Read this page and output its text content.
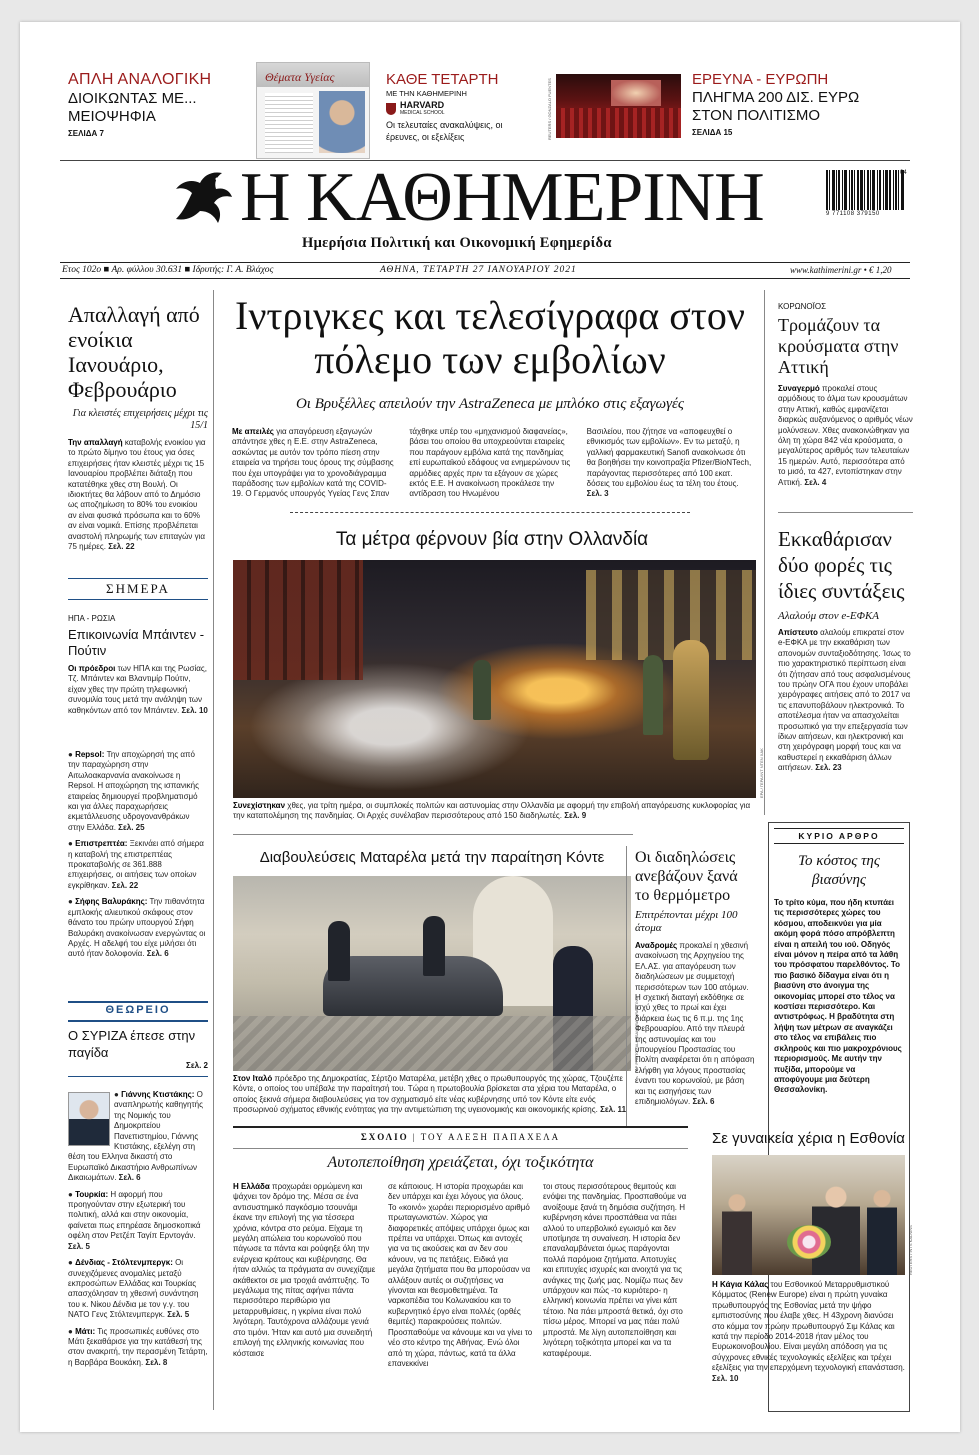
ΑΠΛΗ ΑΝΑΛΟΓΙΚΗ
ΔΙΟΙΚΩΝΤΑΣ ΜΕ... ΜΕΙΟΨΗΦΙΑ
ΣΕΛΙΔΑ 7
Θέματα Υγείας	ΚΑΘΕ ΤΕΤΑΡΤΗ
ΜΕ ΤΗΝ ΚΑΘΗΜΕΡΙΝΗ
HARVARD
MEDICAL SCHOOL
Οι τελευταίες ανακαλύψεις, οι έρευνες, οι εξελίξεις	REUTERS / GONZALO FUENTES	ΕΡΕΥΝΑ - ΕΥΡΩΠΗ
ΠΛΗΓΜΑ 200 ΔΙΣ. ΕΥΡΩ ΣΤΟΝ ΠΟΛΙΤΙΣΜΟ
ΣΕΛΙΔΑ 15
Η ΚΑΘΗΜΕΡΙΝΗ
Ημερήσια Πολιτική και Οικονομική Εφημερίδα
9 771108 379150
04
Ετος 102ο ■ Αρ. φύλλου 30.631 ■ Ιδρυτής: Γ. Α. Βλάχος	ΑΘΗΝΑ, ΤΕΤΑΡΤΗ 27 ΙΑΝΟΥΑΡΙΟΥ 2021	www.kathimerini.gr • € 1,20
Απαλλαγή από ενοίκια Ιανουάριο, Φεβρουάριο
Για κλειστές επιχειρήσεις μέχρι τις 15/1
Την απαλλαγή καταβολής ενοικίου για το πρώτο δίμηνο του έτους για όσες επιχειρήσεις ήταν κλειστές μέχρι τις 15 Ιανουαρίου προβλέπει διάταξη που κατατέθηκε χθες στη Βουλή. Οι ιδιοκτήτες θα λάβουν από το Δημόσιο ως αποζημίωση το 80% του ενοικίου αν είναι φυσικά πρόσωπα και το 60% αν είναι νομικά. Επίσης προβλέπεται αναστολή πληρωμής των επιταγών για 75 ημέρες. Σελ. 22
ΣΗΜΕΡΑ
ΗΠΑ - ΡΩΣΙΑ
Επικοινωνία Μπάιντεν - Πούτιν
Οι πρόεδροι των ΗΠΑ και της Ρωσίας, Τζ. Μπάιντεν και Βλαντιμίρ Πούτιν, είχαν χθες την πρώτη τηλεφωνική συνομιλία τους μετά την ανάληψη των καθηκόντων από τον Μπάιντεν. Σελ. 10
● Repsol: Την αποχώρησή της από την παραχώρηση στην Αιτωλοακαρνανία ανακοίνωσε η Repsol. Η αποχώρηση της ισπανικής εταιρείας δημιουργεί προβληματισμό και για άλλες παραχωρήσεις εκμετάλλευσης υδρογονανθράκων στην Ελλάδα. Σελ. 25
● Επιστρεπτέα: Ξεκινάει από σήμερα η καταβολή της επιστρεπτέας προκαταβολής σε 361.888 επιχειρήσεις, οι αιτήσεις των οποίων εγκρίθηκαν. Σελ. 22
● Σήφης Βαλυράκης: Την πιθανότητα εμπλοκής αλιευτικού σκάφους στον θάνατο του πρώην υπουργού Σήφη Βαλυράκη ανακοίνωσαν ενεργώντας οι Αρχές. Η αδελφή του είχε μιλήσει ότι αυτό ήταν δολοφονία. Σελ. 6
ΘΕΩΡΕΙΟ
Ο ΣΥΡΙΖΑ έπεσε στην παγίδα
Σελ. 2
● Γιάννης Κτιστάκης: Ο αναπληρωτής καθηγητής της Νομικής του Δημοκριτείου Πανεπιστημίου, Γιάννης Κτιστάκης, εξελέγη στη θέση του Ελληνα δικαστή στο Ευρωπαϊκό Δικαστήριο Ανθρωπίνων Δικαιωμάτων. Σελ. 6
● Τουρκία: Η αφορμή που προηγούνταν στην εξωτερική του πολιτική, αλλά και στην οικονομία, φαίνεται πως επηρέασε δημοσκοπικά οφέλη στον Ρετζέπ Ταγίπ Ερντογάν. Σελ. 5
● Δένδιας - Στόλτενμπεργκ: Οι συνεχιζόμενες ανομαλίες μεταξύ εκπροσώπων Ελλάδας και Τουρκίας απασχόλησαν τη χθεσινή συνάντηση του κ. Νίκου Δένδια με τον γ.γ. του ΝΑΤΟ Γενς Στόλτενμπεργκ. Σελ. 5
● Μάτι: Τις προσωπικές ευθύνες στο Μάτι ξεκαθάρισε για την κατάθεσή της στον ανακριτή, την περασμένη Τετάρτη, η Βαρβάρα Βουκάκη. Σελ. 8
Ιντριγκες και τελεσίγραφα στον πόλεμο των εμβολίων
Οι Βρυξέλλες απειλούν την AstraZeneca με μπλόκο στις εξαγωγές
Με απειλές για απαγόρευση εξαγωγών απάντησε χθες η Ε.Ε. στην AstraZeneca, ασκώντας με αυτόν τον τρόπο πίεση στην εταιρεία να τηρήσει τους όρους της σύμβασης που έχει υπογράψει για το χρονοδιάγραμμα παράδοσης των εμβολίων κατά της COVID-19. Ο Γερμανός υπουργός Υγείας Γενς Σπαν
τάχθηκε υπέρ του «μηχανισμού διαφανείας», βάσει του οποίου θα υποχρεούνται εταιρείες που παράγουν εμβόλια κατά της πανδημίας επί ευρωπαϊκού εδάφους να ενημερώνουν τις αρμόδιες αρχές πριν τα εξάγουν σε χώρες εκτός Ε.Ε. Η ανακοίνωση προκάλεσε την αντίδραση του Ηνωμένου
Βασιλείου, που ζήτησε να «αποφευχθεί ο εθνικισμός των εμβολίων». Εν τω μεταξύ, η γαλλική φαρμακευτική Sanofi ανακοίνωσε ότι θα βοηθήσει την κοινοπραξία Pfizer/BioNTech, παράγοντας περισσότερες από 100 εκατ. δόσεις του εμβολίου έως τα τέλη του έτους. Σελ. 3
Τα μέτρα φέρνουν βία στην Ολλανδία
EPA / ΓΕΡΑΛΝΤ ΝΤΕΝ ΧΑΚ
Συνεχίστηκαν χθες, για τρίτη ημέρα, οι συμπλοκές πολιτών και αστυνομίας στην Ολλανδία με αφορμή την επιβολή απαγόρευσης κυκλοφορίας για την καταπολέμηση της πανδημίας. Οι Αρχές συνέλαβαν περισσότερους από 150 διαδηλωτές. Σελ. 9
Διαβουλεύσεις Ματαρέλα μετά την παραίτηση Κόντε
AP PHOTO / ALESSANDRA TARANTINO
Στον Ιταλό πρόεδρο της Δημοκρατίας, Σέρτζιο Ματαρέλα, μετέβη χθες ο πρωθυπουργός της χώρας, Τζουζέπε Κόντε, ο οποίος του υπέβαλε την παραίτησή του. Τώρα η πρωτοβουλία βρίσκεται στα χέρια του Ματαρέλα, ο οποίος ξεκινά σήμερα διαβουλεύσεις για τον σχηματισμό είτε νέας κυβέρνησης υπό τον Κόντε είτε ενός προσωρινού σχήματος εθνικής ενότητας για την αντιμετώπιση της υγειονομικής και οικονομικής κρίσης. Σελ. 11
Οι διαδηλώσεις ανεβάζουν ξανά το θερμόμετρο
Επιτρέπονται μέχρι 100 άτομα
Αναδρομές προκαλεί η χθεσινή ανακοίνωση της Αρχηγείου της ΕΛ.ΑΣ. για απαγόρευση των διαδηλώσεων με συμμετοχή περισσότερων των 100 ατόμων. Η σχετική διαταγή εκδόθηκε σε ισχύ χθες το πρωί και έχει διάρκεια έως τις 6 π.μ. της 1ης Φεβρουαρίου. Από την πλευρά της αστυνομίας και του υπουργείου Προστασίας του Πολίτη αναφέρεται ότι η απόφαση ελήφθη για λόγους προστασίας έναντι του κορωνοϊού, με βάση και τις εισηγήσεις των επιδημιολόγων. Σελ. 6
ΚΟΡΩΝΟΪΟΣ
Τρομάζουν τα κρούσματα στην Αττική
Συναγερμό προκαλεί στους αρμόδιους το άλμα των κρουσμάτων στην Αττική, καθώς εμφανίζεται διαρκώς αυξανόμενος ο αριθμός νέων μολύνσεων. Χθες ανακοινώθηκαν για όλη τη χώρα 842 νέα κρούσματα, ο μεγαλύτερος αριθμός των τελευταίων 15 ημερών. Αυτό, περισσότερα από το μισό, τα 427, εντοπίστηκαν στην Αττική. Σελ. 4
Εκκαθάρισαν δύο φορές τις ίδιες συντάξεις
Αλαλούμ στον e-ΕΦΚΑ
Απίστευτο αλαλούμ επικρατεί στον e-ΕΦΚΑ με την εκκαθάριση των απονομών συνταξιοδότησης. Ίσως το πιο χαρακτηριστικό περίπτωση είναι ότι ζήτησαν από τους ασφαλισμένους του πρώην ΟΓΑ που έχουν υποβάλει χειρόγραφες αιτήσεις από το 2017 να τις επανυποβάλουν ηλεκτρονικά. Το αποτέλεσμα ήταν να απασχολείται προσωπικό για την επεξεργασία των ίδιων αιτήσεων, και ηλεκτρονική και στη χειρόγραφη μορφή τους και να καθυστερεί η εκκαθάριση άλλων αιτήσεων. Σελ. 23
ΚΥΡΙΟ ΑΡΘΡΟ
Το κόστος της βιασύνης
Το τρίτο κύμα, που ήδη κτυπάει τις περισσότερες χώρες του κόσμου, αποδεικνύει για μία ακόμη φορά πόσο απρόβλεπτη είναι η απειλή του ιού. Οδηγός είναι μόνον η πείρα από τα λάθη του πρόσφατου παρελθόντος. Το πιο βασικό δίδαγμα είναι ότι η βιασύνη στο άνοιγμα της οικονομίας μπορεί στο τέλος να κοστίσει περισσότερο. Και αντιστρόφως. Η βραδύτητα στη λήψη των μέτρων σε αναγκάζει στο τέλος να επιβάλεις πιο σκληρούς και πιο μακροχρόνιους περιορισμούς. Με αυτήν την πυξίδα, μπορούμε να αποφύγουμε μια δεύτερη Θεσσαλονίκη.
ΣΧΟΛΙΟ | ΤΟΥ ΑΛΕΞΗ ΠΑΠΑΧΕΛΑ
Αυτοπεποίθηση χρειάζεται, όχι τοξικότητα
Η Ελλάδα προχωράει ορμώμενη και ψάχνει τον δρόμο της. Μέσα σε ένα αντισυστημικό παγκόσμιο τσουνάμι έκανε την επιλογή της για τέσσερα χρόνια, κόντρα στο ρεύμα. Είχαμε τη μεγάλη απώλεια του κορωνοϊού που πάγωσε τα πάντα και ρούφηξε όλη την ενέργεια κράτους και κυβέρνησης. Θα ήταν αλλιώς τα πράγματα αν συνεχίζαμε ακάθεκτοι σε μια τροχιά ανάπτυξης. Το μεγάλωμα της πίτας αφήνει πάντα περισσότερο περιθώριο για μεταρρυθμίσεις, η γκρίνια είναι πολύ λιγότερη. Ταυτόχρονα αλλάζουμε γενιά στο τιμόνι. Ήταν και αυτό μια συνειδητή επιλογή της ελληνικής κοινωνίας που κόσταισε
σε κάποιους. Η ιστορία προχωράει και δεν υπάρχει και έχει λόγους για όλους. Το «κοινό» χωράει περιορισμένο αριθμό πρωταγωνιστών. Χώρος για διαφορετικές απόψεις υπάρχει όμως και πρέπει να υπάρχει. Όπως και αντοχές για να τις ακούσεις και αν δεν σου κάνουν, να τις πετάξεις. Ειδικά για μεγάλα ζητήματα που θα μπορούσαν να αλλάξουν αυτές οι συζητήσεις να γίνονται και θεσμοθετημένα. Τα ναρκοπέδια του Κολωνακίου και το κυβερνητικό έργο είναι πολλές (ορθές θεμιτές) παρακρούσεις πολιτών. Προσπαθούμε να κάνουμε και να γίνει το νέο στο κέντρο της Αθήνας. Ενώ όλοι από τη χώρα, πάντως, κατά τα άλλα επανεκκίνει
τοι στους περισσότερους θεμιτούς και ενόψει της πανδημίας. Προσπαθούμε να ανοίξουμε ξανά τη δημόσια συζήτηση. Η κυβέρνηση κάνει προσπάθεια να πάει αλλού το υπερβολικό εγωισμό και δεν υποτίμησε τη συναίνεση. Η ιστορία δεν επαναλαμβάνεται όμως παράγονται πολλά παρόμοια ζητήματα. Αποτυχίες και επιτυχίες ισχυρές και ανοιχτά για τις ανάγκες της ζωής μας. Νομίζω πως δεν υπάρχουν και πώς -το κυριότερο- η ελληνική κοινωνία πρέπει να γίνει κάπ τέτοιο. Να πάει μπροστά θετικά, όχι στο πίσω μέρος. Μπορεί να μας πάει πολύ μπροστά. Με λίγη αυτοπεποίθηση και λιγότερη τοξικότητα μπορεί και να τα καταφέρουμε.
Σε γυναικεία χέρια η Εσθονία
REUTERS / INTS KALNINS
Η Κάγια Κάλας του Εσθονικού Μεταρρυθμιστικού Κόμματος (Renew Europe) είναι η πρώτη γυναίκα πρωθυπουργός της Εσθονίας μετά την ψήφο εμπιστοσύνης που έλαβε χθες. Η 43χρονη διανύσει στο κόμμα τον πρώην πρωθυπουργό Σιμ Κάλας και κατά την περίοδο 2014-2018 ήταν μέλος του Ευρωκοινοβουλίου. Είναι μεγάλη απόδοση για τις σύγχρονες εθνικές τεχνολογικές εξελίξεις και τρέχει εξελίξεις για την επερχόμενη τεχνολογική επανάσταση. Σελ. 10
